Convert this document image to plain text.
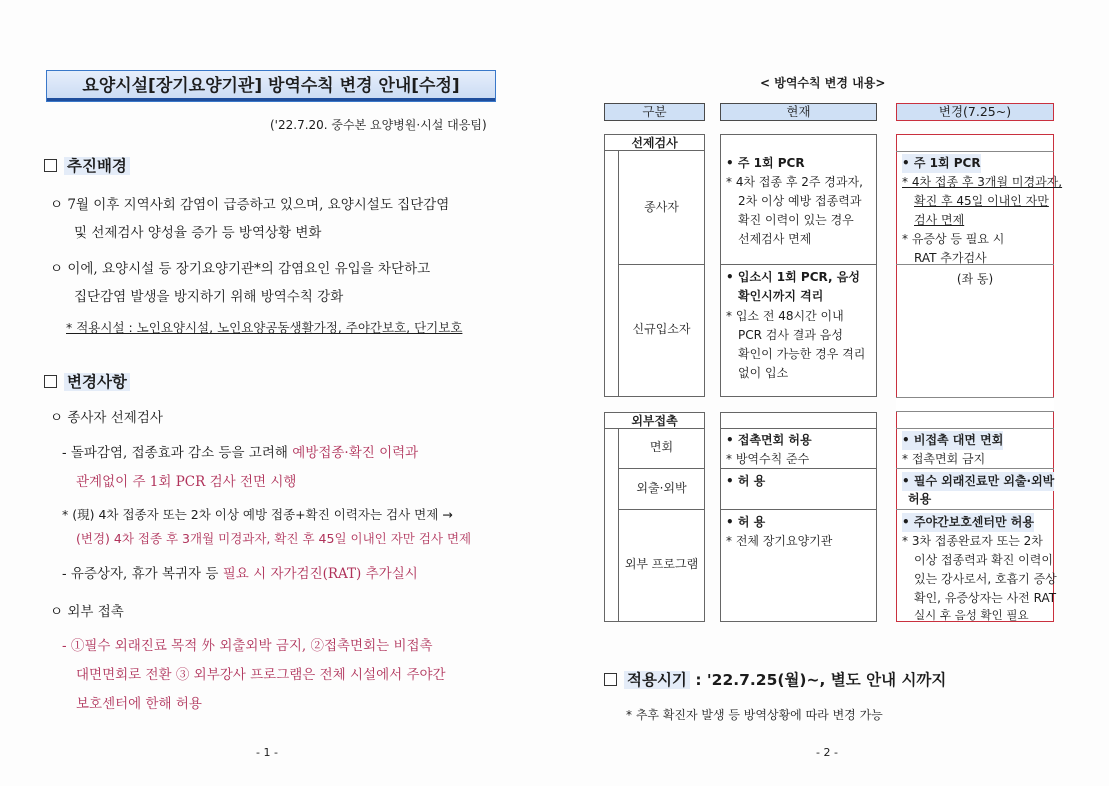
요양시설[장기요양기관] 방역수칙 변경 안내[수정]
('22.7.20. 중수본 요양병원·시설 대응팀)
추진배경
ㅇ 7월 이후 지역사회 감염이 급증하고 있으며, 요양시설도 집단감염
및 선제검사 양성율 증가 등 방역상황 변화
ㅇ 이에, 요양시설 등 장기요양기관*의 감염요인 유입을 차단하고
집단감염 발생을 방지하기 위해 방역수칙 강화
* 적용시설 : 노인요양시설, 노인요양공동생활가정, 주야간보호, 단기보호
변경사항
ㅇ 종사자 선제검사
- 돌파감염, 접종효과 감소 등을 고려해 예방접종·확진 이력과
관계없이 주 1회 PCR 검사 전면 시행
* (現) 4차 접종자 또는 2차 이상 예방 접종+확진 이력자는 검사 면제 →
(변경) 4차 접종 후 3개월 미경과자, 확진 후 45일 이내인 자만 검사 면제
- 유증상자, 휴가 복귀자 등 필요 시 자가검진(RAT) 추가실시
ㅇ 외부 접촉
- ①필수 외래진료 목적 外 외출외박 금지, ②접촉면회는 비접촉
대면면회로 전환 ③ 외부강사 프로그램은 전체 시설에서 주야간
보호센터에 한해 허용
- 1 -
< 방역수칙 변경 내용>
구분	현재	변경(7.25~)
선제검사
종사자
신규입소자
• 주 1회 PCR
* 4차 접종 후 2주 경과자,
2차 이상 예방 접종력과
확진 이력이 있는 경우
선제검사 면제
• 입소시 1회 PCR, 음성
확인시까지 격리
* 입소 전 48시간 이내
PCR 검사 결과 음성
확인이 가능한 경우 격리
없이 입소
• 주 1회 PCR
* 4차 접종 후 3개월 미경과자,
확진 후 45일 이내인 자만
검사 면제
* 유증상 등 필요 시
RAT 추가검사
(좌 동)
외부접촉
면회
외출·외박
외부 프로그램
• 접촉면회 허용
* 방역수칙 준수
• 허 용
• 허 용
* 전체 장기요양기관
• 비접촉 대면 면회
* 접촉면회 금지
• 필수 외래진료만 외출·외박
허용
• 주야간보호센터만 허용
* 3차 접종완료자 또는 2차
이상 접종력과 확진 이력이
있는 강사로서, 호흡기 증상
확인, 유증상자는 사전 RAT
실시 후 음성 확인 필요
적용시기 : '22.7.25(월)~, 별도 안내 시까지
* 추후 확진자 발생 등 방역상황에 따라 변경 가능
- 2 -
